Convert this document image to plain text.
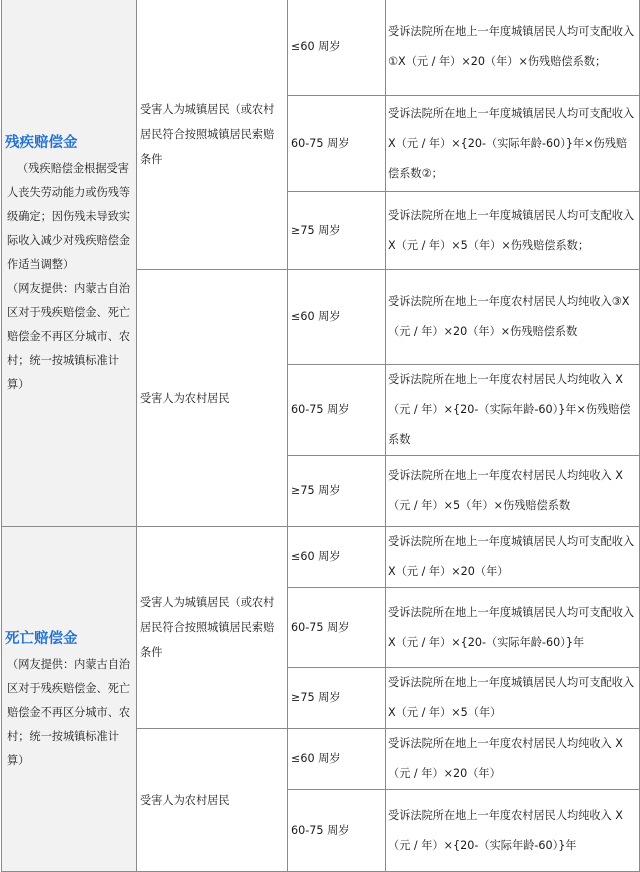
残疾赔偿金
（残疾赔偿金根据受害人丧失劳动能力或伤残等级确定；因伤残未导致实际收入减少对残疾赔偿金作适当调整）
（网友提供：内蒙古自治区对于残疾赔偿金、死亡赔偿金不再区分城市、农村；统一按城镇标准计算）	受害人为城镇居民（或农村居民符合按照城镇居民索赔条件	≤60 周岁	受诉法院所在地上一年度城镇居民人均可支配收入①X（元 / 年）×20（年）×伤残赔偿系数；
		60-75 周岁	受诉法院所在地上一年度城镇居民人均可支配收入 X（元 / 年）×{20-（实际年龄-60）}年×伤残赔偿系数②；
		≥75 周岁	受诉法院所在地上一年度城镇居民人均可支配收入 X（元 / 年）×5（年）×伤残赔偿系数；
	受害人为农村居民	≤60 周岁	受诉法院所在地上一年度农村居民人均纯收入③X（元 / 年）×20（年）×伤残赔偿系数
		60-75 周岁	受诉法院所在地上一年度农村居民人均纯收入 X（元 / 年）×{20-（实际年龄-60）}年×伤残赔偿系数
		≥75 周岁	受诉法院所在地上一年度农村居民人均纯收入 X（元 / 年）×5（年）×伤残赔偿系数

死亡赔偿金
（网友提供：内蒙古自治区对于残疾赔偿金、死亡赔偿金不再区分城市、农村；统一按城镇标准计算）	受害人为城镇居民（或农村居民符合按照城镇居民索赔条件	≤60 周岁	受诉法院所在地上一年度城镇居民人均可支配收入 X（元 / 年）×20（年）
		60-75 周岁	受诉法院所在地上一年度城镇居民人均可支配收入 X（元 / 年）×{20-（实际年龄-60）}年
		≥75 周岁	受诉法院所在地上一年度城镇居民人均可支配收入 X（元 / 年）×5（年）
	受害人为农村居民	≤60 周岁	受诉法院所在地上一年度农村居民人均纯收入 X（元 / 年）×20（年）
		60-75 周岁	受诉法院所在地上一年度农村居民人均纯收入 X（元 / 年）×{20-（实际年龄-60）}年
